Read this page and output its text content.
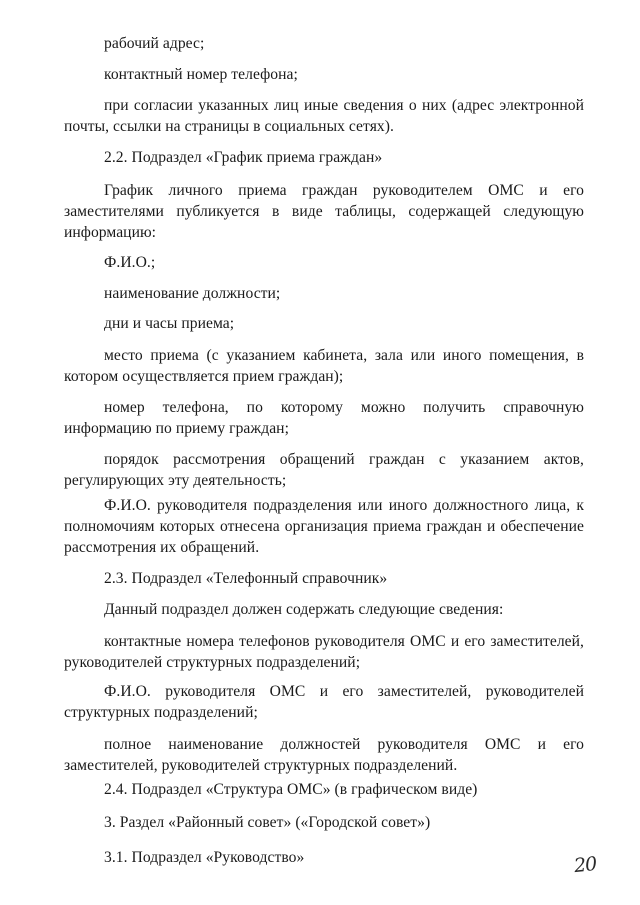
рабочий адрес;

контактный номер телефона;

при согласии указанных лиц иные сведения о них (адрес электронной почты, ссылки на страницы в социальных сетях).

2.2. Подраздел «График приема граждан»

График личного приема граждан руководителем ОМС и его заместителями публикуется в виде таблицы, содержащей следующую информацию:

Ф.И.О.;

наименование должности;

дни и часы приема;

место приема (с указанием кабинета, зала или иного помещения, в котором осуществляется прием граждан);

номер телефона, по которому можно получить справочную информацию по приему граждан;

порядок рассмотрения обращений граждан с указанием актов, регулирующих эту деятельность;

Ф.И.О. руководителя подразделения или иного должностного лица, к полномочиям которых отнесена организация приема граждан и обеспечение рассмотрения их обращений.

2.3. Подраздел «Телефонный справочник»

Данный подраздел должен содержать следующие сведения:

контактные номера телефонов руководителя ОМС и его заместителей, руководителей структурных подразделений;

Ф.И.О. руководителя ОМС и его заместителей, руководителей структурных подразделений;

полное наименование должностей руководителя ОМС и его заместителей, руководителей структурных подразделений.

2.4. Подраздел «Структура ОМС» (в графическом виде)

3. Раздел «Районный совет» («Городской совет»)

3.1. Подраздел «Руководство»	20
